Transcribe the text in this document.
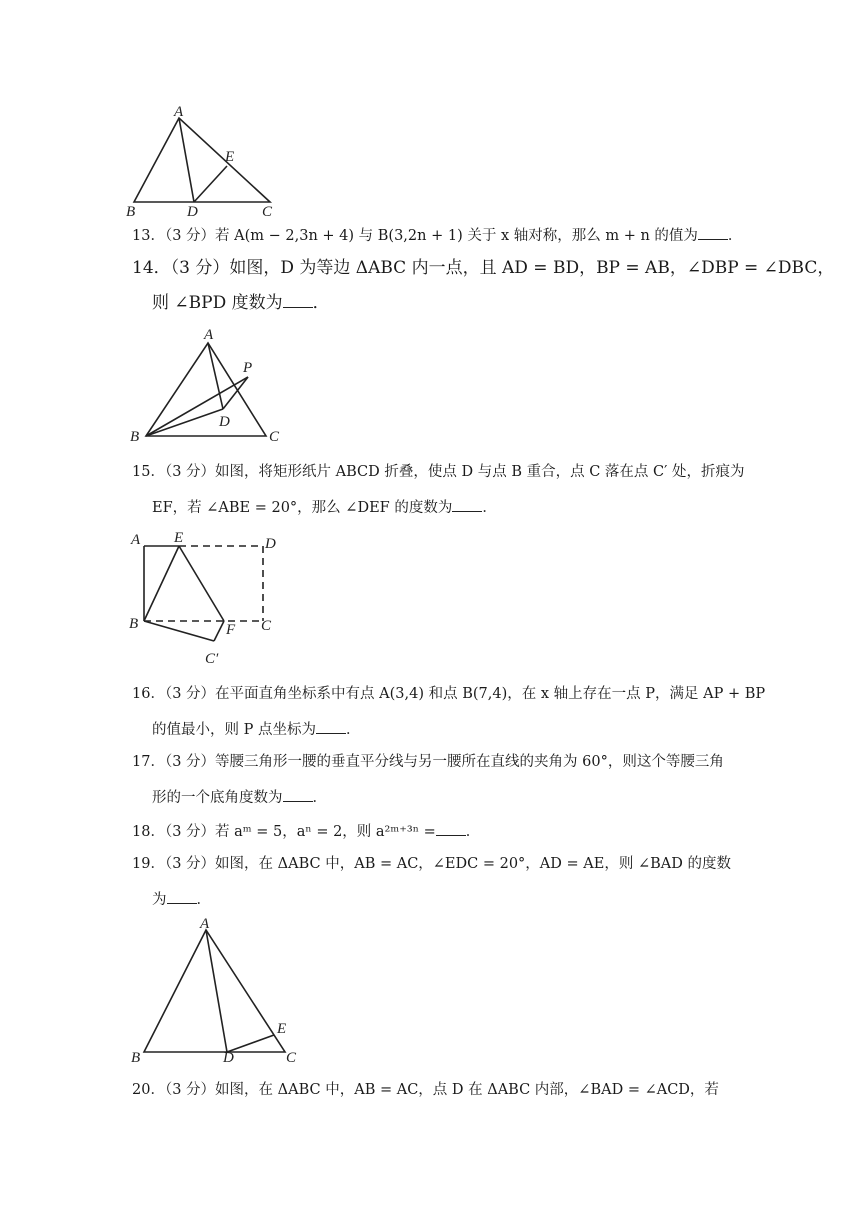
A
E
B	D	C
13．（3 分）若 A(m − 2,3n + 4) 与 B(3,2n + 1) 关于 x 轴对称，那么 m + n 的值为 ．
14．（3 分）如图，D 为等边 ΔABC 内一点，且 AD = BD，BP = AB，∠DBP = ∠DBC，
则 ∠BPD 度数为 ．
A
P
D
B	C
15．（3 分）如图，将矩形纸片 ABCD 折叠，使点 D 与点 B 重合，点 C 落在点 C′ 处，折痕为
EF，若 ∠ABE = 20°，那么 ∠DEF 的度数为 ．
A E	D
B	F C
C′
16．（3 分）在平面直角坐标系中有点 A(3,4) 和点 B(7,4)，在 x 轴上存在一点 P，满足 AP + BP
的值最小，则 P 点坐标为 ．
17．（3 分）等腰三角形一腰的垂直平分线与另一腰所在直线的夹角为 60°，则这个等腰三角
形的一个底角度数为 ．
18．（3 分）若 aᵐ = 5，aⁿ = 2，则 a²ᵐ⁺³ⁿ = ．
19．（3 分）如图，在 ΔABC 中，AB = AC，∠EDC = 20°，AD = AE，则 ∠BAD 的度数
为 ．
A
E
B	D	C
20．（3 分）如图，在 ΔABC 中，AB = AC，点 D 在 ΔABC 内部，∠BAD = ∠ACD，若
